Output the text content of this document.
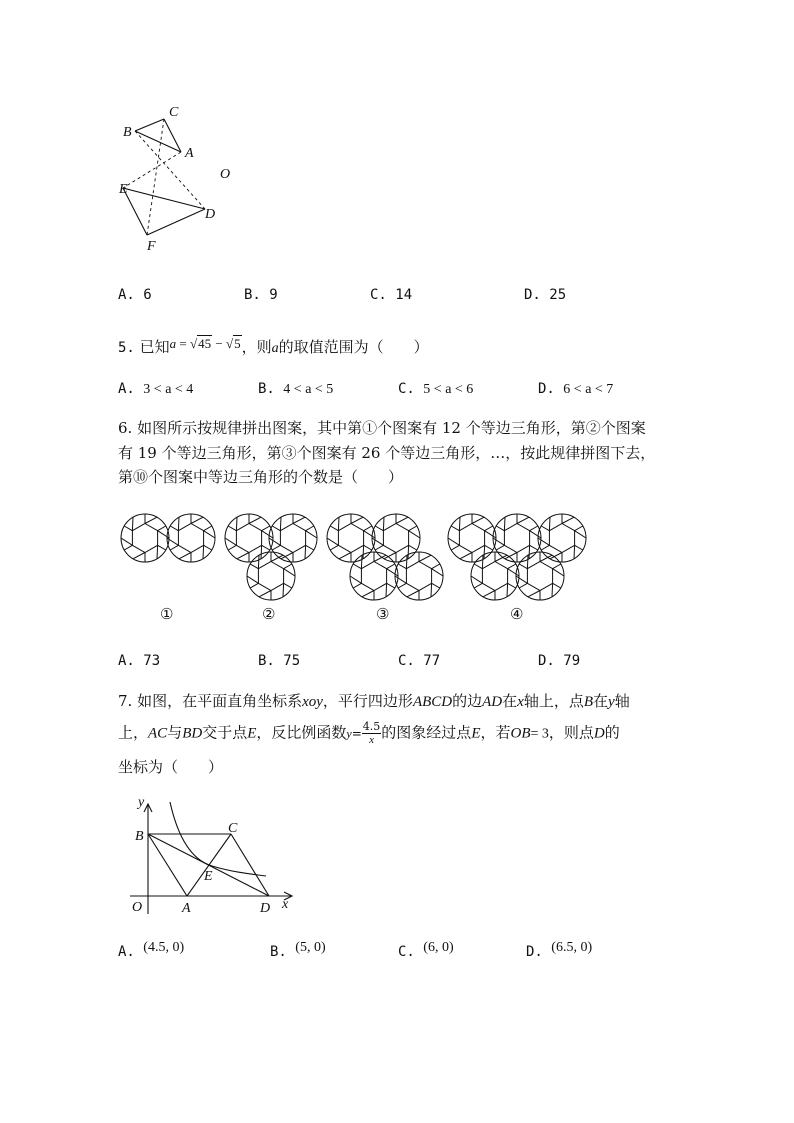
C
B
A
O
E
D
F
A. 6	B. 9	C. 14	D. 25
5. 已知a = √45 − √5，则a的取值范围为（　　）
A. 3 < a < 4	B. 4 < a < 5	C. 5 < a < 6	D. 6 < a < 7
6. 如图所示按规律拼出图案，其中第①个图案有 12 个等边三角形，第②个图案
有 19 个等边三角形，第③个图案有 26 个等边三角形，…，按此规律拼图下去，
第⑩个图案中等边三角形的个数是（　　）
①	②	③	④
A. 73	B. 75	C. 77	D. 79
7. 如图，在平面直角坐标系xoy，平行四边形ABCD的边AD在x轴上，点B在y轴
上，AC与BD交于点E，反比例函数$y= \frac{4.5}{x}$ 的图象经过点E，若OB= 3，则点D的
坐标为（　　）
y
x
B
C
E
O	A	D
A. (4.5, 0)	B. (5, 0)	C. (6, 0)	D. (6.5, 0)
